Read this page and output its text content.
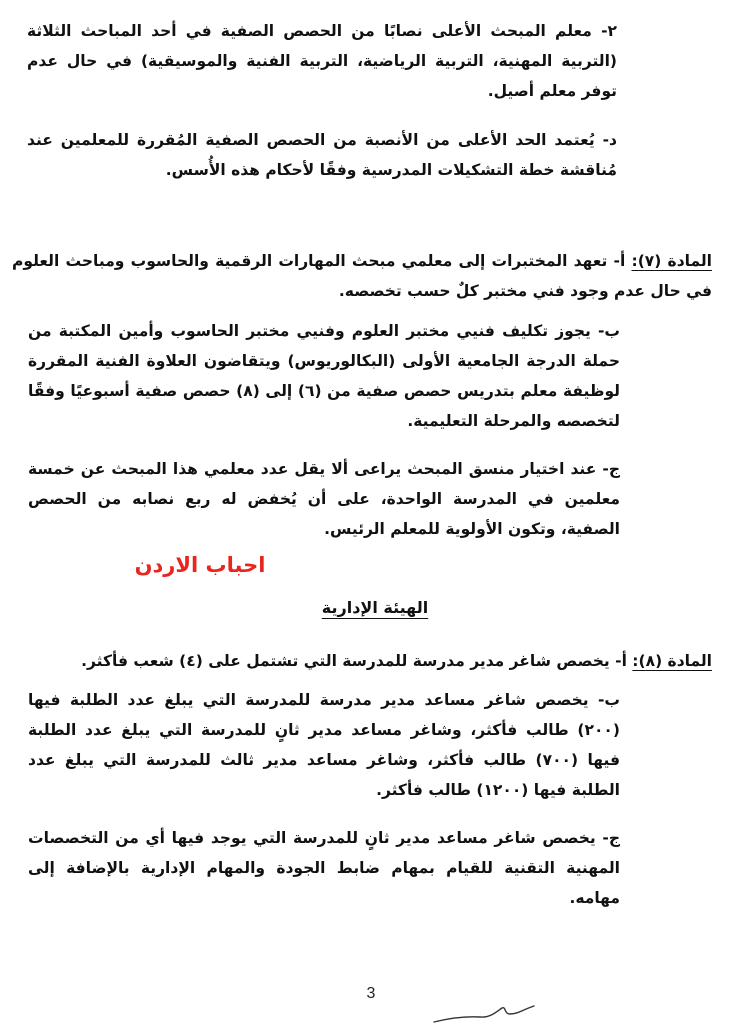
٢- معلم المبحث الأعلى نصابًا من الحصص الصفية في أحد المباحث الثلاثة (التربية المهنية، التربية الرياضية، التربية الفنية والموسيقية) في حال عدم توفر معلم أصيل.
د- يُعتمد الحد الأعلى من الأنصبة من الحصص الصفية المُقررة للمعلمين عند مُناقشة خطة التشكيلات المدرسية وفقًا لأحكام هذه الأُسس.
المادة (٧): أ- تعهد المختبرات إلى معلمي مبحث المهارات الرقمية والحاسوب ومباحث العلوم في حال عدم وجود فني مختبر كلٌ حسب تخصصه.
ب- يجوز تكليف فنيي مختبر العلوم وفنيي مختبر الحاسوب وأمين المكتبة من حملة الدرجة الجامعية الأولى (البكالوريوس) ويتقاضون العلاوة الفنية المقررة لوظيفة معلم بتدريس حصص صفية من (٦) إلى (٨) حصص صفية أسبوعيًا وفقًا لتخصصه والمرحلة التعليمية.
ج- عند اختيار منسق المبحث يراعى ألا يقل عدد معلمي هذا المبحث عن خمسة معلمين في المدرسة الواحدة، على أن يُخفض له ربع نصابه من الحصص الصفية، وتكون الأولوية للمعلم الرئيس.
احباب الاردن
الهيئة الإدارية
المادة (٨): أ- يخصص شاغر مدير مدرسة للمدرسة التي تشتمل على (٤) شعب فأكثر.
ب- يخصص شاغر مساعد مدير مدرسة للمدرسة التي يبلغ عدد الطلبة فيها (٢٠٠) طالب فأكثر، وشاغر مساعد مدير ثانٍ للمدرسة التي يبلغ عدد الطلبة فيها (٧٠٠) طالب فأكثر، وشاغر مساعد مدير ثالث للمدرسة التي يبلغ عدد الطلبة فيها (١٢٠٠) طالب فأكثر.
ج- يخصص شاغر مساعد مدير ثانٍ للمدرسة التي يوجد فيها أي من التخصصات المهنية التقنية للقيام بمهام ضابط الجودة والمهام الإدارية بالإضافة إلى مهامه.
3
